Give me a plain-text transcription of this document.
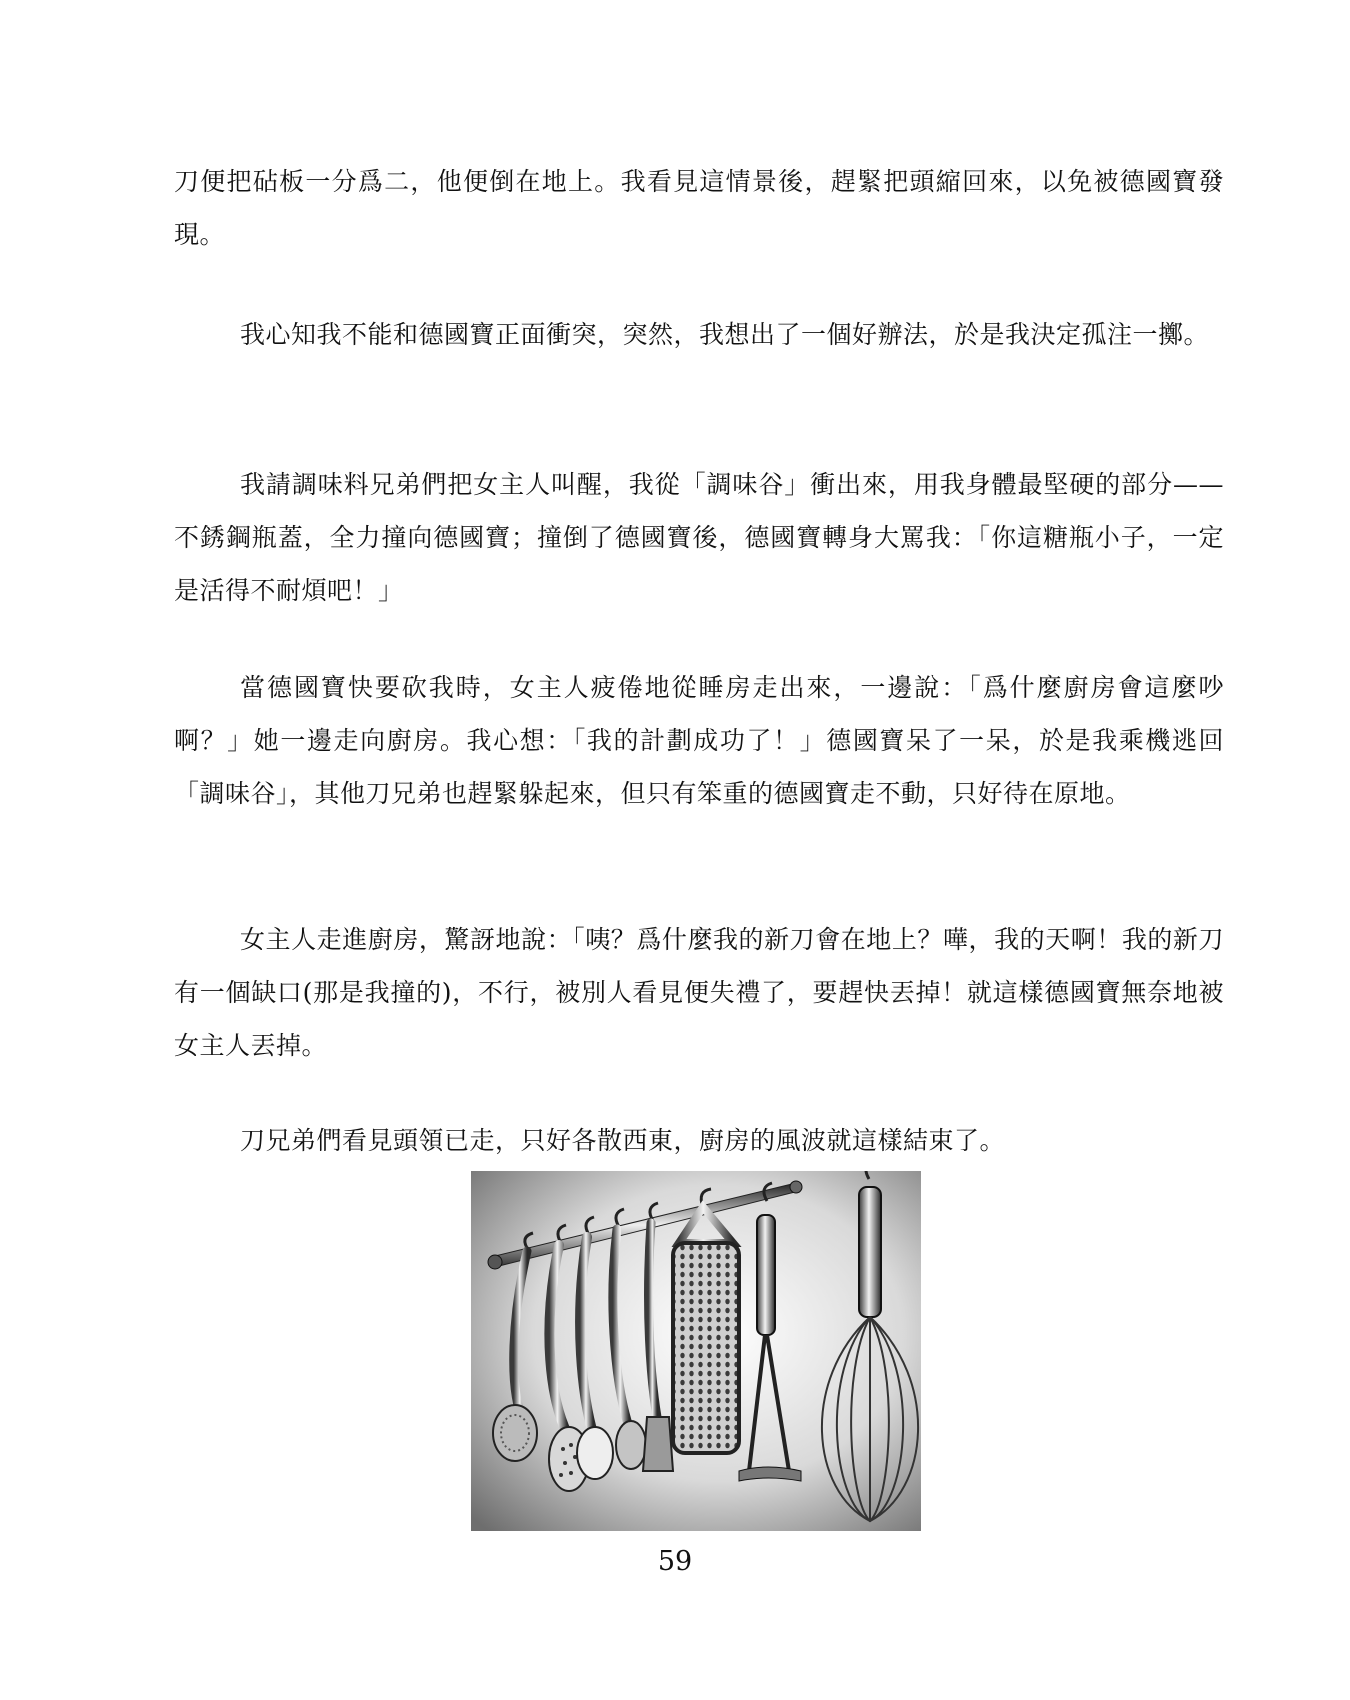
刀便把砧板一分爲二，他便倒在地上。我看見這情景後，趕緊把頭縮回來，以免被德國寶發現。

我心知我不能和德國寶正面衝突，突然，我想出了一個好辦法，於是我決定孤注一擲。

我請調味料兄弟們把女主人叫醒，我從「調味谷」衝出來，用我身體最堅硬的部分——不銹鋼瓶蓋，全力撞向德國寶；撞倒了德國寶後，德國寶轉身大罵我：「你這糖瓶小子，一定是活得不耐煩吧！」

當德國寶快要砍我時，女主人疲倦地從睡房走出來，一邊說：「爲什麼廚房會這麼吵啊？」她一邊走向廚房。我心想：「我的計劃成功了！」德國寶呆了一呆，於是我乘機逃回「調味谷」，其他刀兄弟也趕緊躲起來，但只有笨重的德國寶走不動，只好待在原地。

女主人走進廚房，驚訝地說：「咦？爲什麼我的新刀會在地上？嘩，我的天啊！我的新刀有一個缺口(那是我撞的)，不行，被別人看見便失禮了，要趕快丟掉！就這樣德國寶無奈地被女主人丟掉。

刀兄弟們看見頭領已走，只好各散西東，廚房的風波就這樣結束了。

59
